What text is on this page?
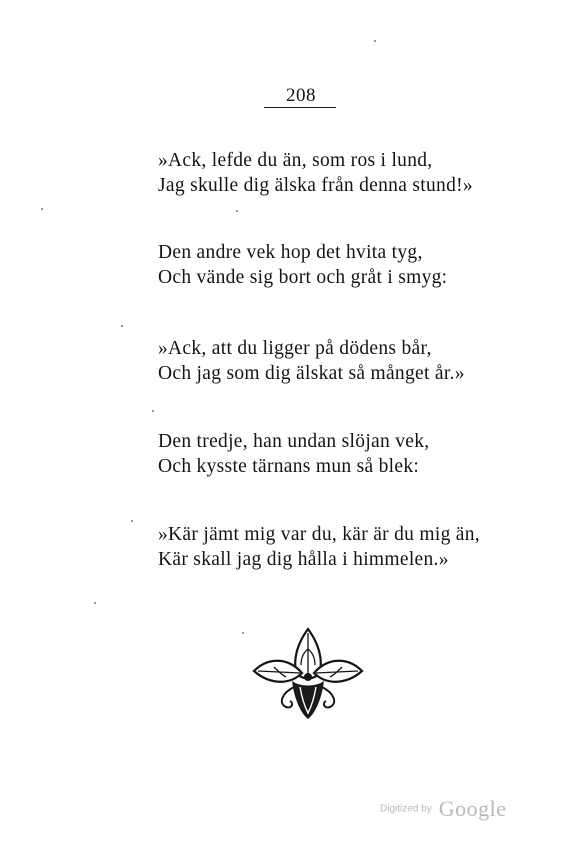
208

»Ack, lefde du än, som ros i lund,
Jag skulle dig älska från denna stund!»

Den andre vek hop det hvita tyg,
Och vände sig bort och gråt i smyg:

»Ack, att du ligger på dödens bår,
Och jag som dig älskat så månget år.»

Den tredje, han undan slöjan vek,
Och kysste tärnans mun så blek:

»Kär jämt mig var du, kär är du mig än,
Kär skall jag dig hålla i himmelen.»

Digitized by Google
